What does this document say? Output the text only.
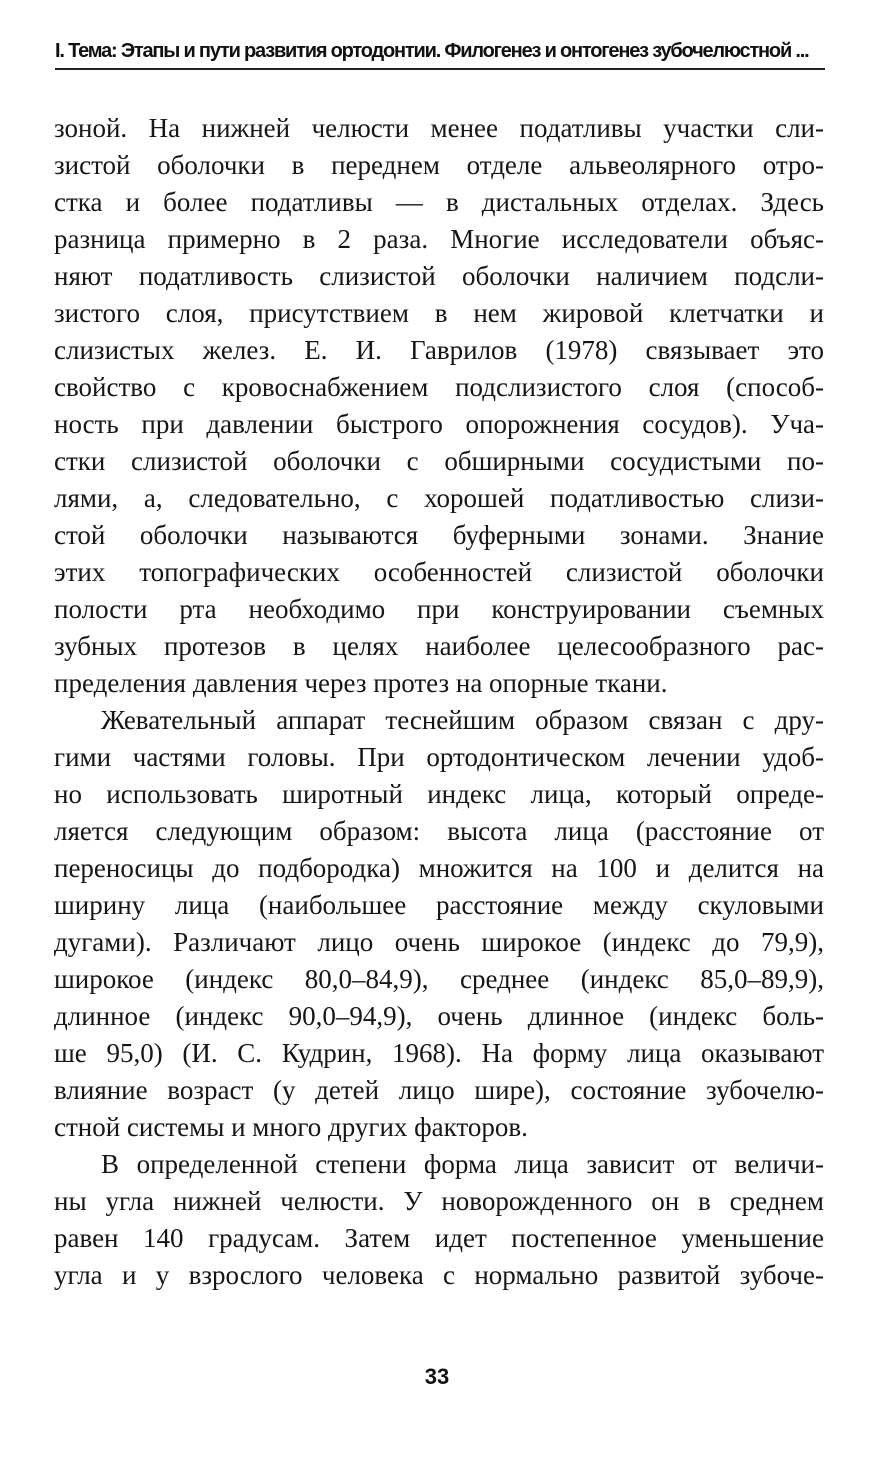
I. Тема: Этапы и пути развития ортодонтии. Филогенез и онтогенез зубочелюстной ...
зоной. На нижней челюсти менее податливы участки сли-
зистой оболочки в переднем отделе альвеолярного отро-
стка и более податливы — в дистальных отделах. Здесь
разница примерно в 2 раза. Многие исследователи объяс-
няют податливость слизистой оболочки наличием подсли-
зистого слоя, присутствием в нем жировой клетчатки и
слизистых желез. Е. И. Гаврилов (1978) связывает это
свойство с кровоснабжением подслизистого слоя (способ-
ность при давлении быстрого опорожнения сосудов). Уча-
стки слизистой оболочки с обширными сосудистыми по-
лями, а, следовательно, с хорошей податливостью слизи-
стой оболочки называются буферными зонами. Знание
этих топографических особенностей слизистой оболочки
полости рта необходимо при конструировании съемных
зубных протезов в целях наиболее целесообразного рас-
пределения давления через протез на опорные ткани.
Жевательный аппарат теснейшим образом связан с дру-
гими частями головы. При ортодонтическом лечении удоб-
но использовать широтный индекс лица, который опреде-
ляется следующим образом: высота лица (расстояние от
переносицы до подбородка) множится на 100 и делится на
ширину лица (наибольшее расстояние между скуловыми
дугами). Различают лицо очень широкое (индекс до 79,9),
широкое (индекс 80,0–84,9), среднее (индекс 85,0–89,9),
длинное (индекс 90,0–94,9), очень длинное (индекс боль-
ше 95,0) (И. С. Кудрин, 1968). На форму лица оказывают
влияние возраст (у детей лицо шире), состояние зубочелю-
стной системы и много других факторов.
В определенной степени форма лица зависит от величи-
ны угла нижней челюсти. У новорожденного он в среднем
равен 140 градусам. Затем идет постепенное уменьшение
угла и у взрослого человека с нормально развитой зубоче-
33
